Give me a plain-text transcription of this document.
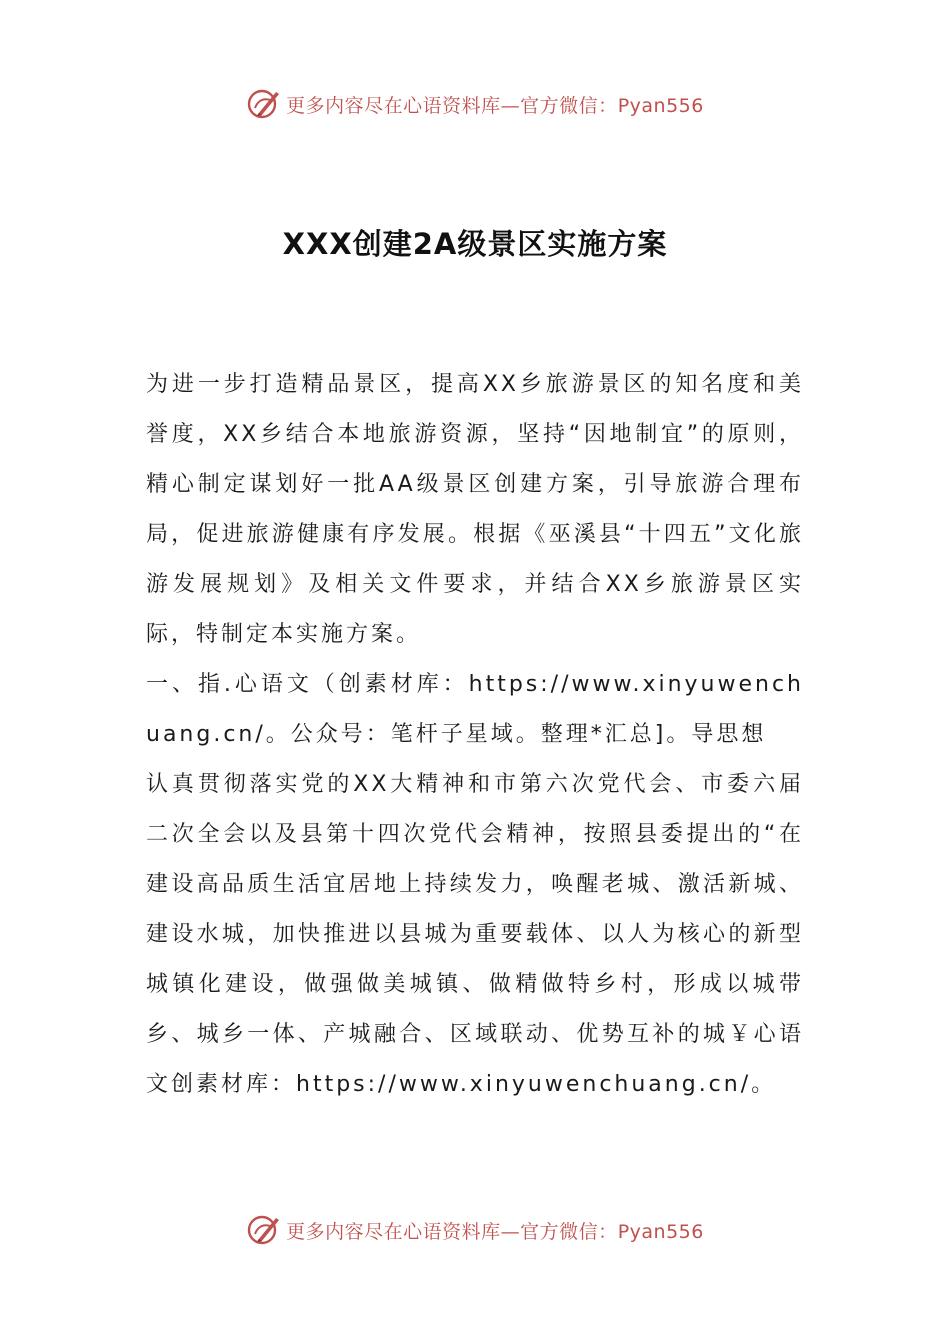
更多内容尽在心语资料库—官方微信：Pyan556
XXX创建2A级景区实施方案

为进一步打造精品景区，提高XX乡旅游景区的知名度和美誉度，XX乡结合本地旅游资源，坚持“因地制宜”的原则，精心制定谋划好一批AA级景区创建方案，引导旅游合理布局，促进旅游健康有序发展。根据《巫溪县“十四五”文化旅游发展规划》及相关文件要求，并结合XX乡旅游景区实际，特制定本实施方案。

一、指.心语文（创素材库：https://www.xinyuwenchuang.cn/。公众号：笔杆子星域。整理*汇总]。导思想

认真贯彻落实党的XX大精神和市第六次党代会、市委六届二次全会以及县第十四次党代会精神，按照县委提出的“在建设高品质生活宜居地上持续发力，唤醒老城、激活新城、建设水城，加快推进以县城为重要载体、以人为核心的新型城镇化建设，做强做美城镇、做精做特乡村，形成以城带乡、城乡一体、产城融合、区域联动、优势互补的城￥心语文创素材库：https://www.xinyuwenchuang.cn/。

更多内容尽在心语资料库—官方微信：Pyan556
